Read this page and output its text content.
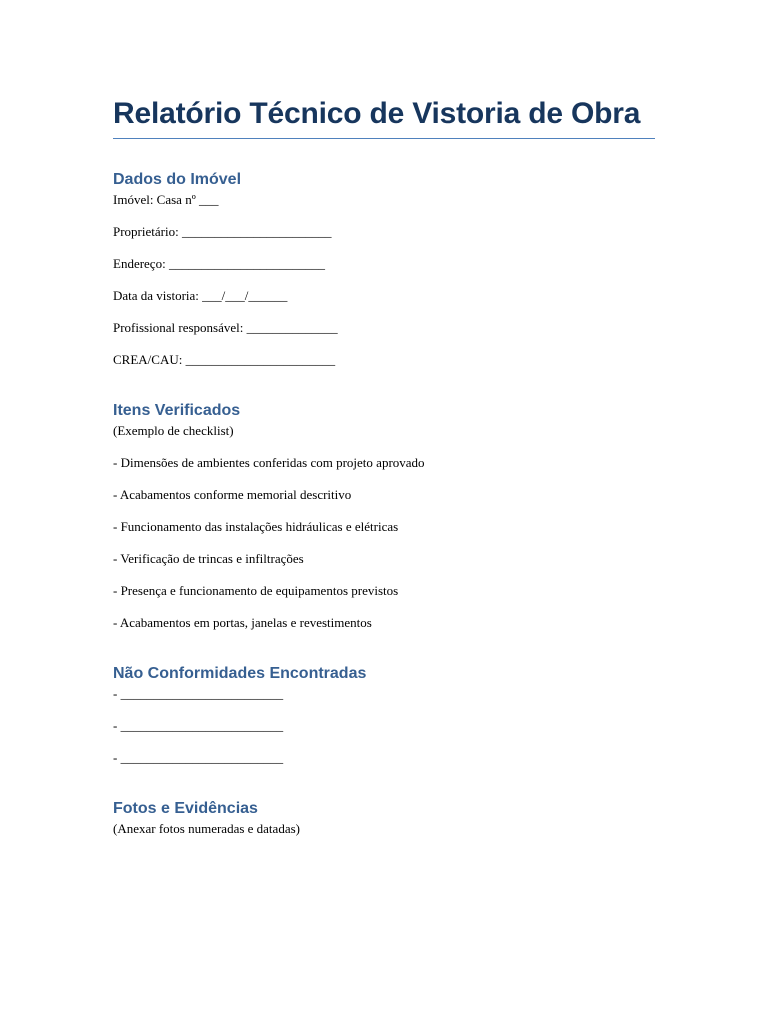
Relatório Técnico de Vistoria de Obra
Dados do Imóvel

Imóvel: Casa nº ___

Proprietário: _______________________

Endereço: ________________________

Data da vistoria: ___/___/______

Profissional responsável: ______________

CREA/CAU: _______________________

Itens Verificados

(Exemplo de checklist)

- Dimensões de ambientes conferidas com projeto aprovado

- Acabamentos conforme memorial descritivo

- Funcionamento das instalações hidráulicas e elétricas

- Verificação de trincas e infiltrações

- Presença e funcionamento de equipamentos previstos

- Acabamentos em portas, janelas e revestimentos

Não Conformidades Encontradas

- _________________________

- _________________________

- _________________________

Fotos e Evidências

(Anexar fotos numeradas e datadas)
